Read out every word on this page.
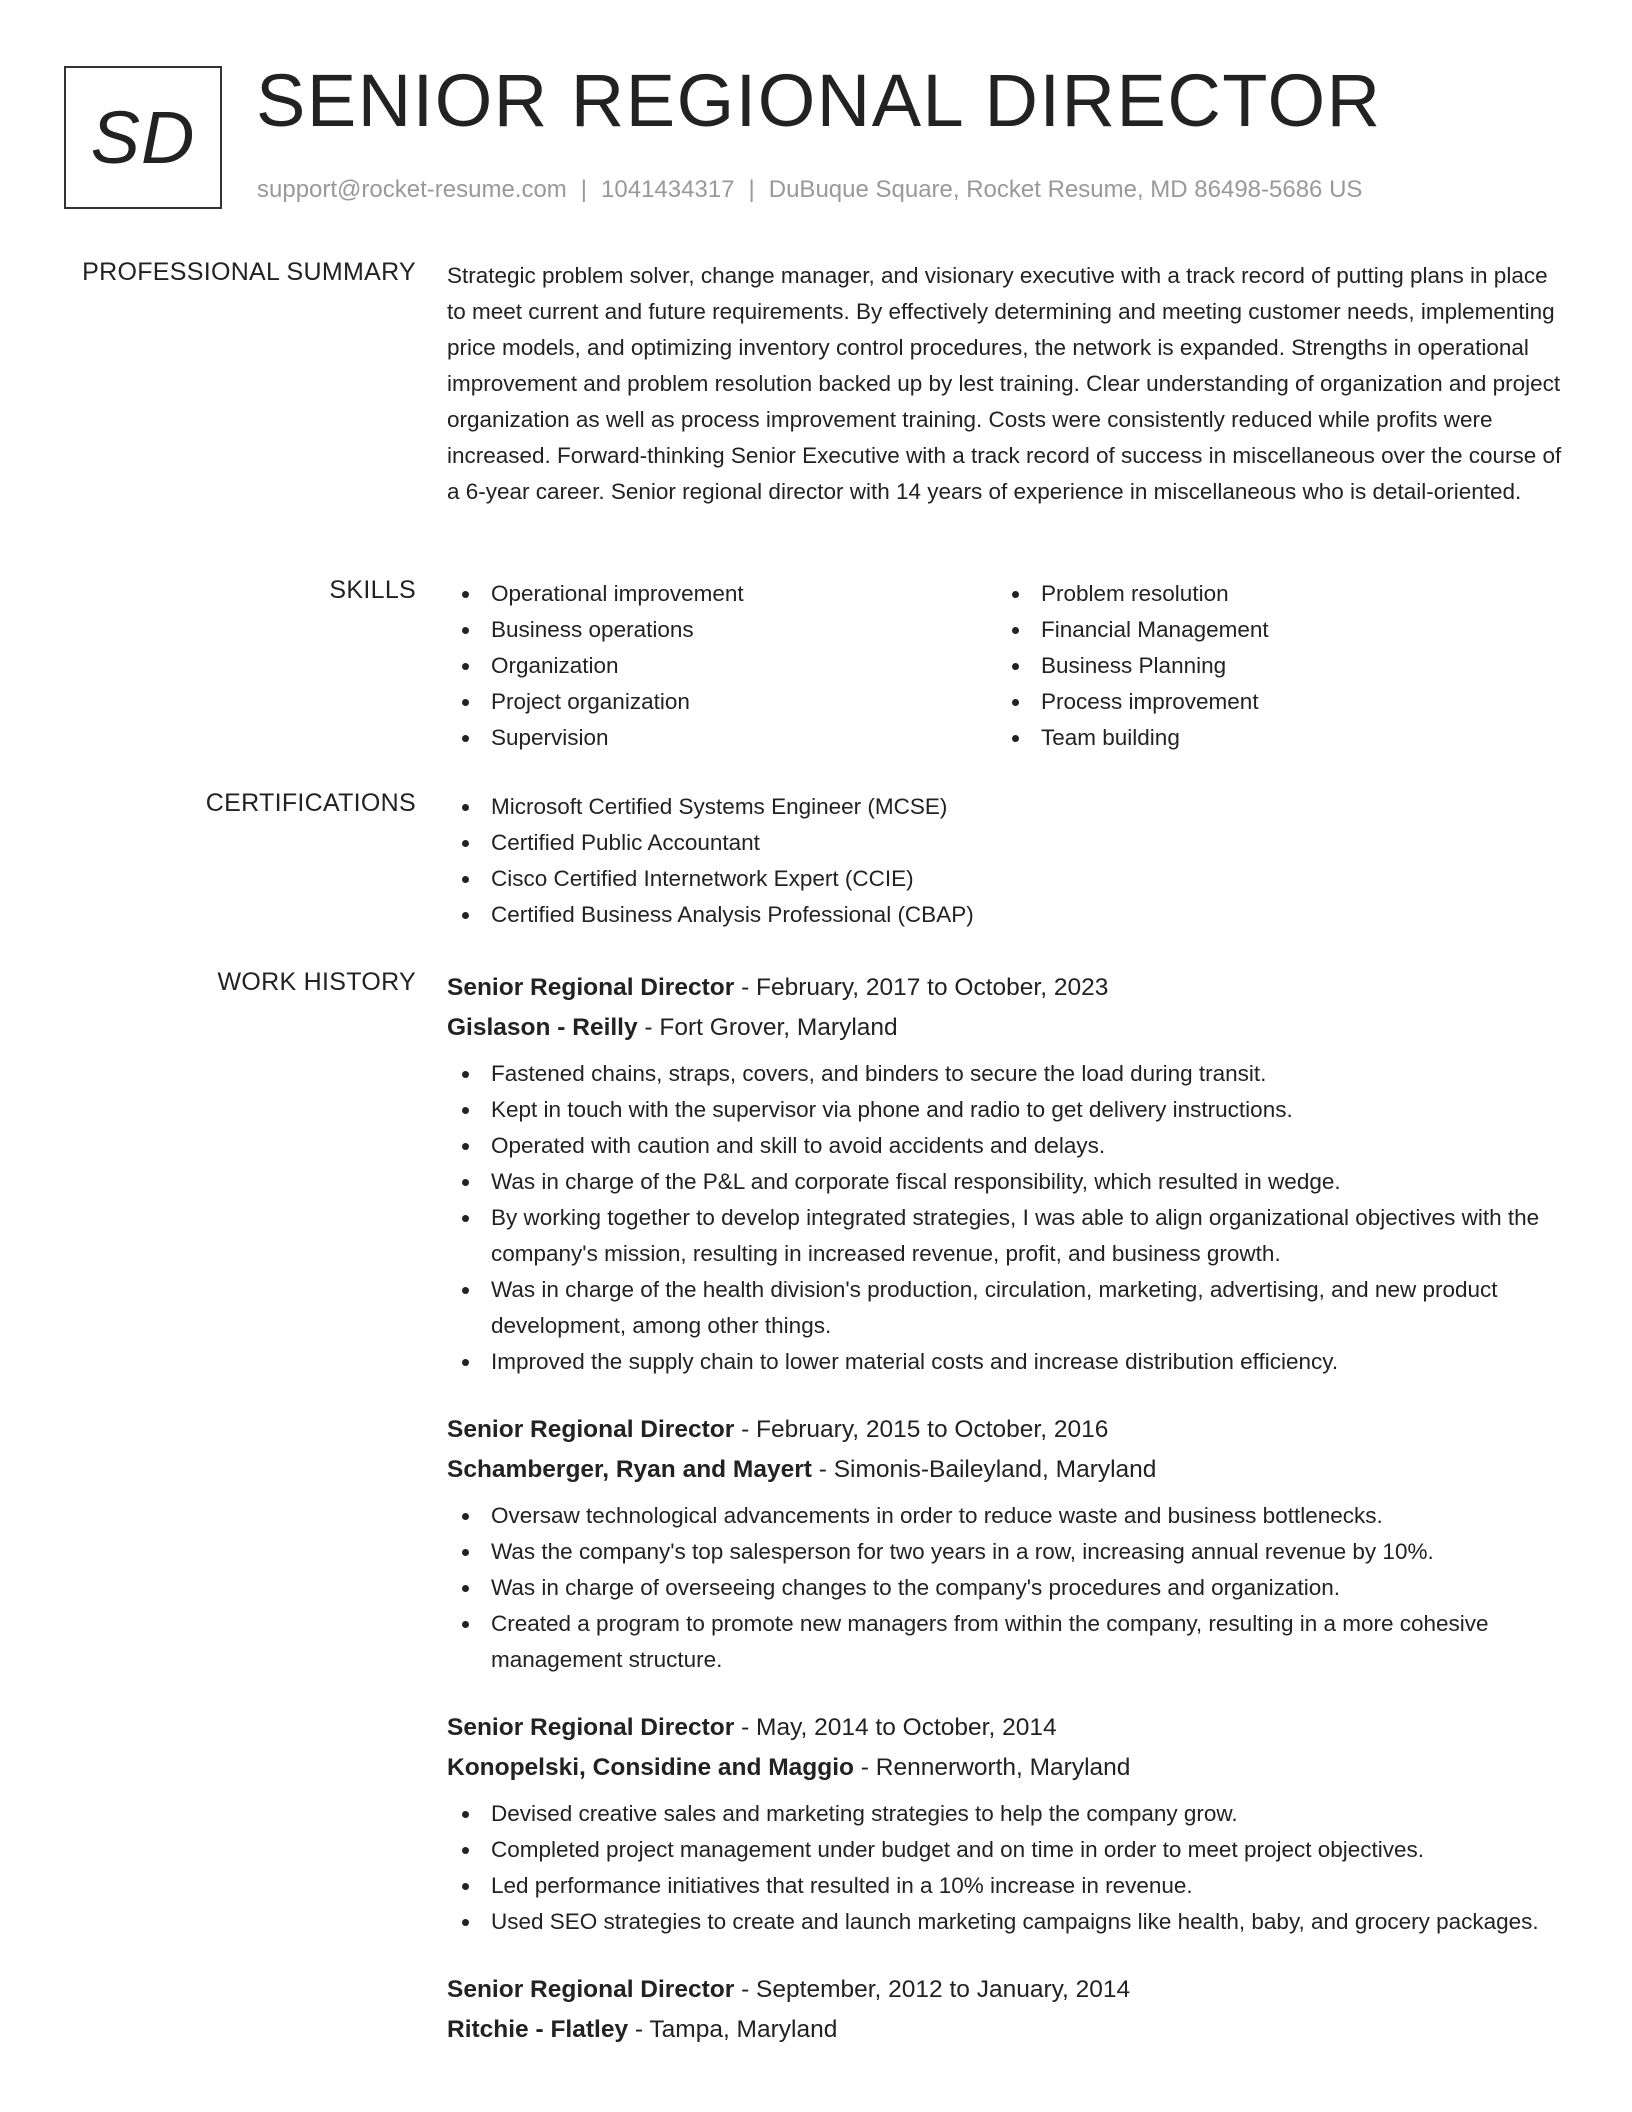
SD SENIOR REGIONAL DIRECTOR
support@rocket-resume.com | 1041434317 | DuBuque Square, Rocket Resume, MD 86498-5686 US
PROFESSIONAL SUMMARY Strategic problem solver, change manager, and visionary executive with a track record of putting plans in place to meet current and future requirements. By effectively determining and meeting customer needs, implementing price models, and optimizing inventory control procedures, the network is expanded. Strengths in operational improvement and problem resolution backed up by lest training. Clear understanding of organization and project organization as well as process improvement training. Costs were consistently reduced while profits were increased. Forward-thinking Senior Executive with a track record of success in miscellaneous over the course of a 6-year career. Senior regional director with 14 years of experience in miscellaneous who is detail-oriented.
SKILLS	Operational improvement
Business operations
Organization
Project organization
Supervision
Problem resolution
Financial Management
Business Planning
Process improvement
Team building
CERTIFICATIONS	Microsoft Certified Systems Engineer (MCSE)
Certified Public Accountant
Cisco Certified Internetwork Expert (CCIE)
Certified Business Analysis Professional (CBAP)
WORK HISTORY Senior Regional Director - February, 2017 to October, 2023
Gislason - Reilly - Fort Grover, Maryland
Fastened chains, straps, covers, and binders to secure the load during transit.
Kept in touch with the supervisor via phone and radio to get delivery instructions.
Operated with caution and skill to avoid accidents and delays.
Was in charge of the P&L and corporate fiscal responsibility, which resulted in wedge.
By working together to develop integrated strategies, I was able to align organizational objectives with the company's mission, resulting in increased revenue, profit, and business growth.
Was in charge of the health division's production, circulation, marketing, advertising, and new product development, among other things.
Improved the supply chain to lower material costs and increase distribution efficiency.
Senior Regional Director - February, 2015 to October, 2016
Schamberger, Ryan and Mayert - Simonis-Baileyland, Maryland
Oversaw technological advancements in order to reduce waste and business bottlenecks.
Was the company's top salesperson for two years in a row, increasing annual revenue by 10%.
Was in charge of overseeing changes to the company's procedures and organization.
Created a program to promote new managers from within the company, resulting in a more cohesive management structure.
Senior Regional Director - May, 2014 to October, 2014
Konopelski, Considine and Maggio - Rennerworth, Maryland
Devised creative sales and marketing strategies to help the company grow.
Completed project management under budget and on time in order to meet project objectives.
Led performance initiatives that resulted in a 10% increase in revenue.
Used SEO strategies to create and launch marketing campaigns like health, baby, and grocery packages.
Senior Regional Director - September, 2012 to January, 2014
Ritchie - Flatley - Tampa, Maryland
